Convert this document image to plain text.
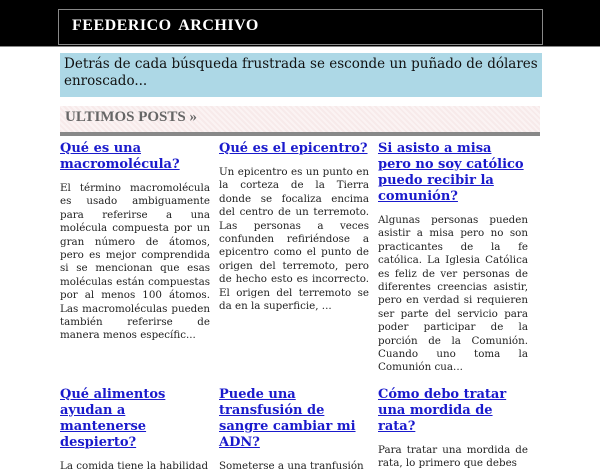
FEEDERICO ARCHIVO
Detrás de cada búsqueda frustrada se esconde un puñado de dólares enroscado...
ULTIMOS POSTS »
Qué es una macromolécula?

El término macromolécula es usado ambiguamente para referirse a una molécula compuesta por un gran número de átomos, pero es mejor comprendida si se mencionan que esas moléculas están compuestas por al menos 100 átomos. Las macromoléculas pueden también referirse de manera menos específic...

Qué es el epicentro?

Un epicentro es un punto en la corteza de la Tierra donde se focaliza encima del centro de un terremoto. Las personas a veces confunden refiriéndose a epicentro como el punto de origen del terremoto, pero de hecho esto es incorrecto. El origen del terremoto se da en la superficie, ...

Si asisto a misa pero no soy católico puedo recibir la comunión?

Algunas personas pueden asistir a misa pero no son practicantes de la fe católica. La Iglesia Católica es feliz de ver personas de diferentes creencias asistir, pero en verdad si requieren ser parte del servicio para poder participar de la porción de la Comunión. Cuando uno toma la Comunión cua...

Qué alimentos ayudan a mantenerse despierto?

La comida tiene la habilidad

Puede una transfusión de sangre cambiar mi ADN?

Someterse a una tranfusión

Cómo debo tratar una mordida de rata?

Para tratar una mordida de rata, lo primero que debes
